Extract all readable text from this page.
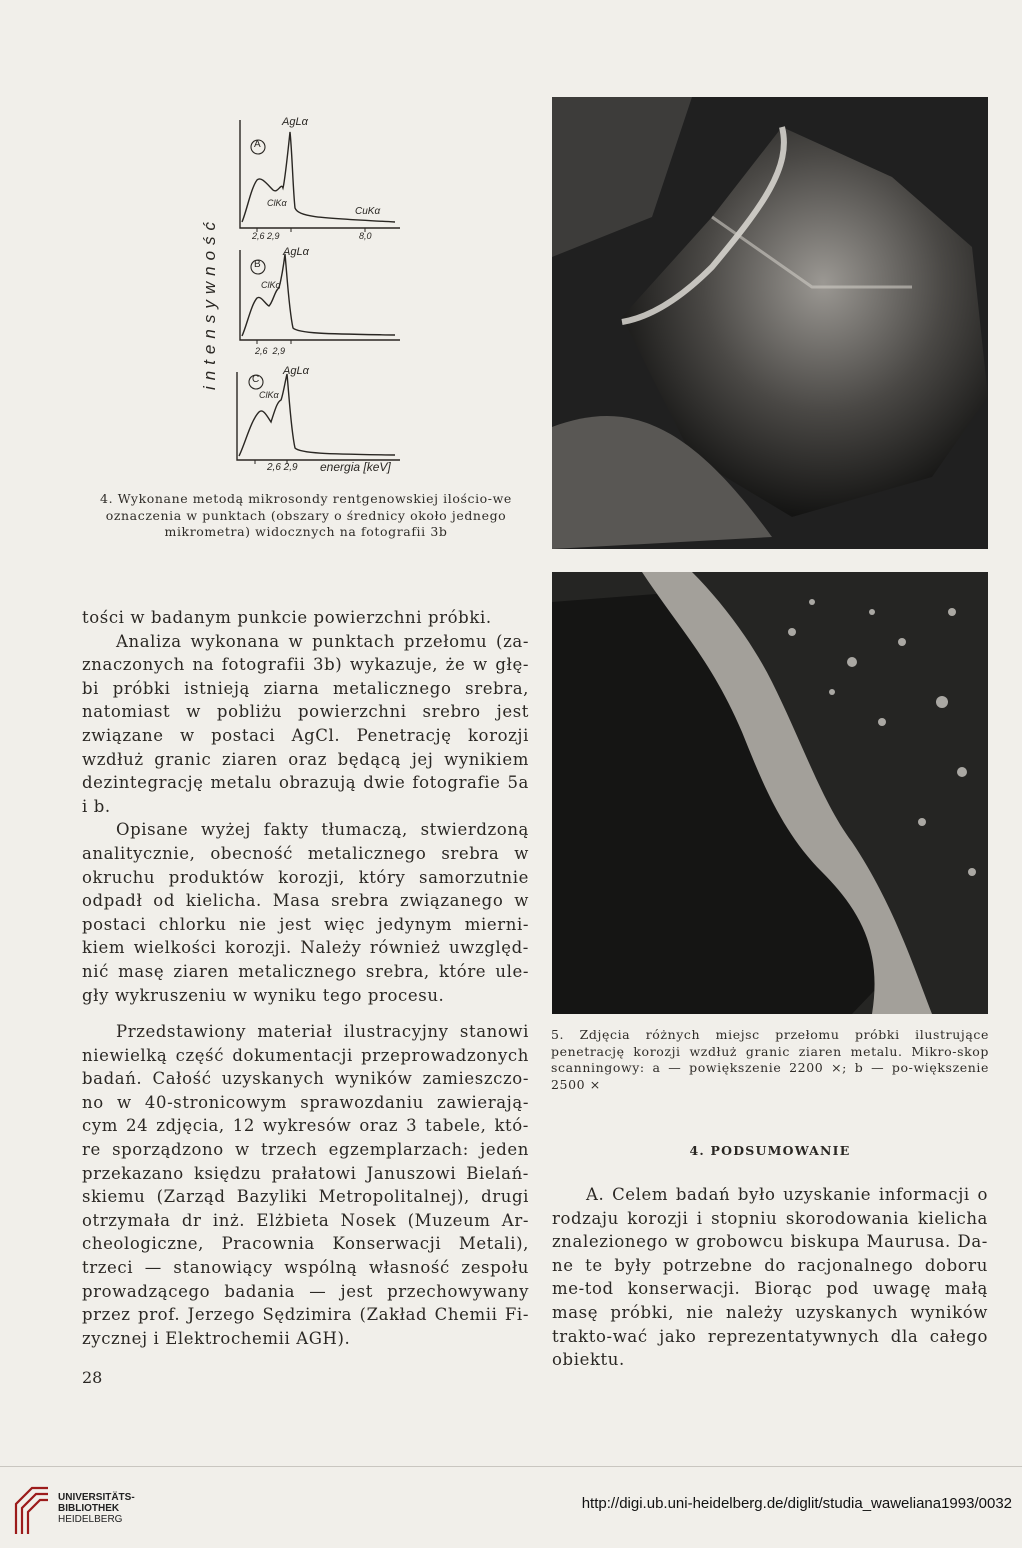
A
B
C
AgLα
ClKα
CuKα
2,6 2,9	8,0
AgLα
ClKα
2,6  2,9
AgLα
ClKα
2,6 2,9 energia [keV]
intensywność
4. Wykonane metodą mikrosondy rentgenowskiej ilościo-we oznaczenia w punktach (obszary o średnicy około jednego mikrometra) widocznych na fotografii 3b
5. Zdjęcia różnych miejsc przełomu próbki ilustrujące penetrację korozji wzdłuż granic ziaren metalu. Mikro-skop scanningowy: a — powiększenie 2200 ×; b — po-większenie 2500 ×

tości w badanym punkcie powierzchni próbki.

Analiza wykonana w punktach przełomu (za-znaczonych na fotografii 3b) wykazuje, że w głę-bi próbki istnieją ziarna metalicznego srebra, natomiast w pobliżu powierzchni srebro jest związane w postaci AgCl. Penetrację korozji wzdłuż granic ziaren oraz będącą jej wynikiem dezintegrację metalu obrazują dwie fotografie 5a i b.

Opisane wyżej fakty tłumaczą, stwierdzoną analitycznie, obecność metalicznego srebra w okruchu produktów korozji, który samorzutnie odpadł od kielicha. Masa srebra związanego w postaci chlorku nie jest więc jedynym mierni-kiem wielkości korozji. Należy również uwzględ-nić masę ziaren metalicznego srebra, które ule-gły wykruszeniu w wyniku tego procesu.

Przedstawiony materiał ilustracyjny stanowi niewielką część dokumentacji przeprowadzonych badań. Całość uzyskanych wyników zamieszczo-no w 40-stronicowym sprawozdaniu zawierają-cym 24 zdjęcia, 12 wykresów oraz 3 tabele, któ-re sporządzono w trzech egzemplarzach: jeden przekazano księdzu prałatowi Januszowi Bielań-skiemu (Zarząd Bazyliki Metropolitalnej), drugi otrzymała dr inż. Elżbieta Nosek (Muzeum Ar-cheologiczne, Pracownia Konserwacji Metali), trzeci — stanowiący wspólną własność zespołu prowadzącego badania — jest przechowywany przez prof. Jerzego Sędzimira (Zakład Chemii Fi-zycznej i Elektrochemii AGH).

4. PODSUMOWANIE

A. Celem badań było uzyskanie informacji o rodzaju korozji i stopniu skorodowania kielicha znalezionego w grobowcu biskupa Maurusa. Da-ne te były potrzebne do racjonalnego doboru me-tod konserwacji. Biorąc pod uwagę małą masę próbki, nie należy uzyskanych wyników trakto-wać jako reprezentatywnych dla całego obiektu.

28
UNIVERSITÄTS-
BIBLIOTHEK
HEIDELBERG
http://digi.ub.uni-heidelberg.de/diglit/studia_waweliana1993/0032
